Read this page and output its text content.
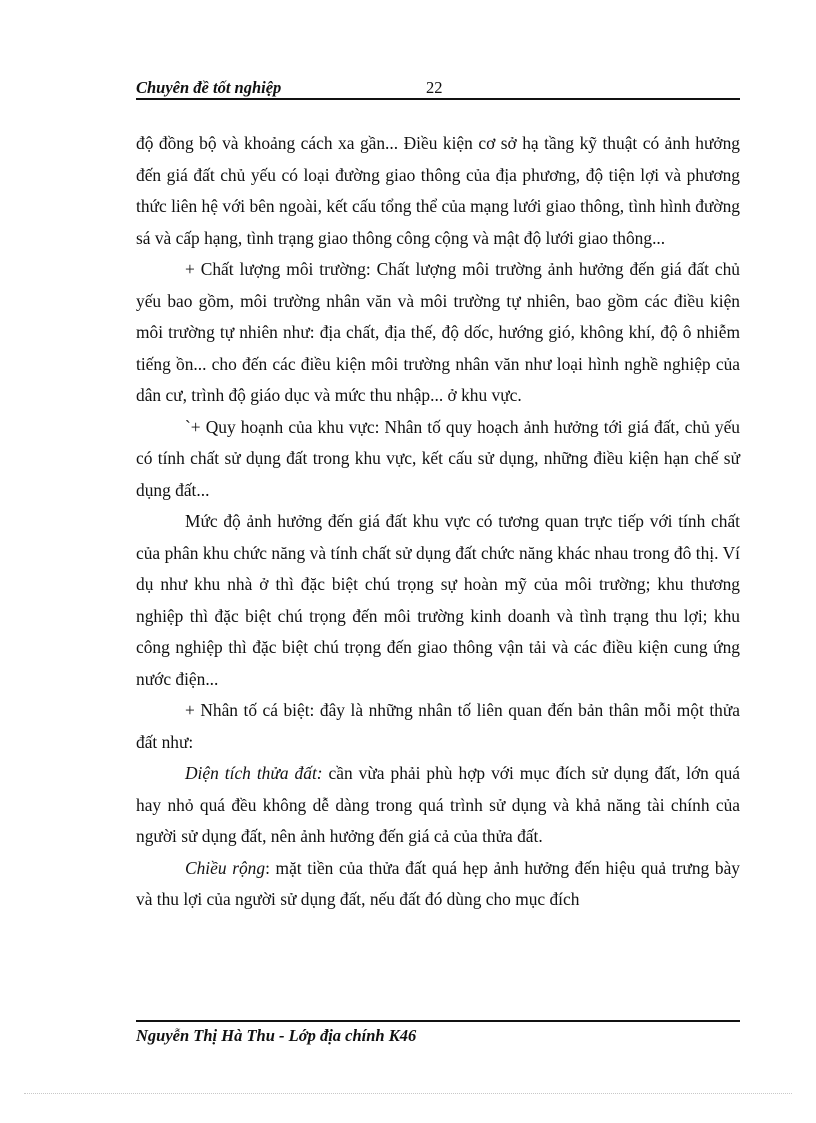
Chuyên đề tốt nghiệp	22

độ đồng bộ và khoảng cách xa gần... Điều kiện cơ sở hạ tầng kỹ thuật có ảnh hưởng đến giá đất chủ yếu có loại đường giao thông của địa phương, độ tiện lợi và phương thức liên hệ với bên ngoài, kết cấu tổng thể của mạng lưới giao thông, tình hình đường sá và cấp hạng, tình trạng giao thông công cộng và mật độ lưới giao thông...

+ Chất lượng môi trường: Chất lượng môi trường ảnh hưởng đến giá đất chủ yếu bao gồm, môi trường nhân văn và môi trường tự nhiên, bao gồm các điều kiện môi trường tự nhiên như: địa chất, địa thế, độ dốc, hướng gió, không khí, độ ô nhiễm tiếng ồn... cho đến các điều kiện môi trường nhân văn như loại hình nghề nghiệp của dân cư, trình độ giáo dục và mức thu nhập... ở khu vực.

`+ Quy hoạnh của khu vực: Nhân tố quy hoạch ảnh hưởng tới giá đất, chủ yếu có tính chất sử dụng đất trong khu vực, kết cấu sử dụng, những điều kiện hạn chế sử dụng đất...

Mức độ ảnh hưởng đến giá đất khu vực có tương quan trực tiếp với tính chất của phân khu chức năng và tính chất sử dụng đất chức năng khác nhau trong đô thị. Ví dụ như khu nhà ở thì đặc biệt chú trọng sự hoàn mỹ của môi trường; khu thương nghiệp thì đặc biệt chú trọng đến môi trường kinh doanh và tình trạng thu lợi; khu công nghiệp thì đặc biệt chú trọng đến giao thông vận tải và các điều kiện cung ứng nước điện...

+ Nhân tố cá biệt: đây là những nhân tố liên quan đến bản thân mỗi một thửa đất như:

Diện tích thửa đất: cần vừa phải phù hợp với mục đích sử dụng đất, lớn quá hay nhỏ quá đều không dễ dàng trong quá trình sử dụng và khả năng tài chính của người sử dụng đất, nên ảnh hưởng đến giá cả của thửa đất.

Chiều rộng: mặt tiền của thửa đất quá hẹp ảnh hưởng đến hiệu quả trưng bày và thu lợi của người sử dụng đất, nếu đất đó dùng cho mục đích

Nguyễn Thị Hà Thu - Lớp địa chính K46
